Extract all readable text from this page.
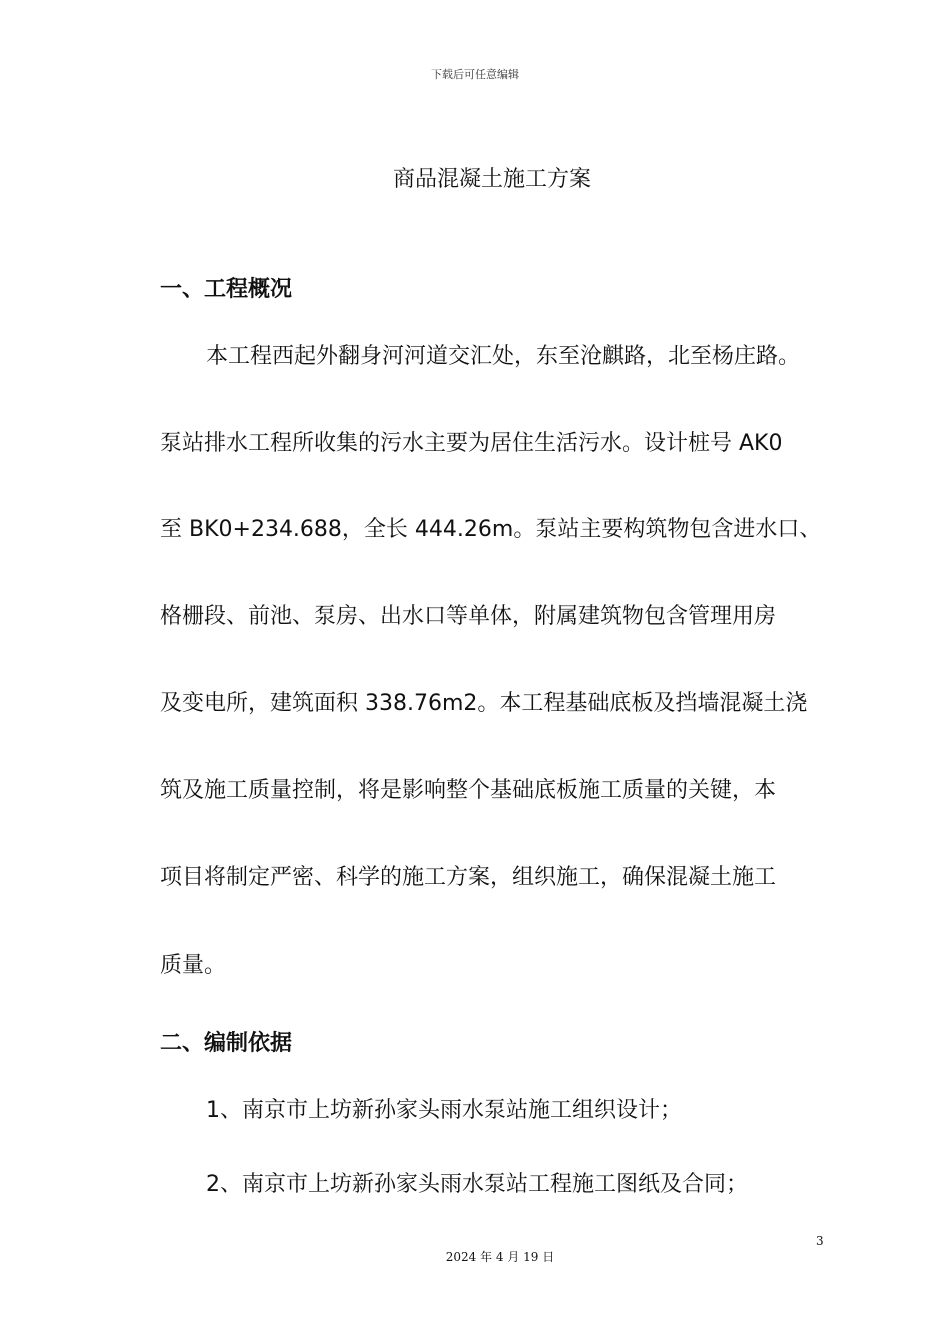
下载后可任意编辑
商品混凝土施工方案
一、工程概况
本工程西起外翻身河河道交汇处，东至沧麒路，北至杨庄路。
泵站排水工程所收集的污水主要为居住生活污水。设计桩号 AK0
至 BK0+234.688，全长 444.26m。泵站主要构筑物包含进水口、
格栅段、前池、泵房、出水口等单体，附属建筑物包含管理用房
及变电所，建筑面积 338.76m2。本工程基础底板及挡墙混凝土浇
筑及施工质量控制，将是影响整个基础底板施工质量的关键，本
项目将制定严密、科学的施工方案，组织施工，确保混凝土施工
质量。
二、编制依据
1、南京市上坊新孙家头雨水泵站施工组织设计；
2、南京市上坊新孙家头雨水泵站工程施工图纸及合同；
3
2024 年 4 月 19 日
